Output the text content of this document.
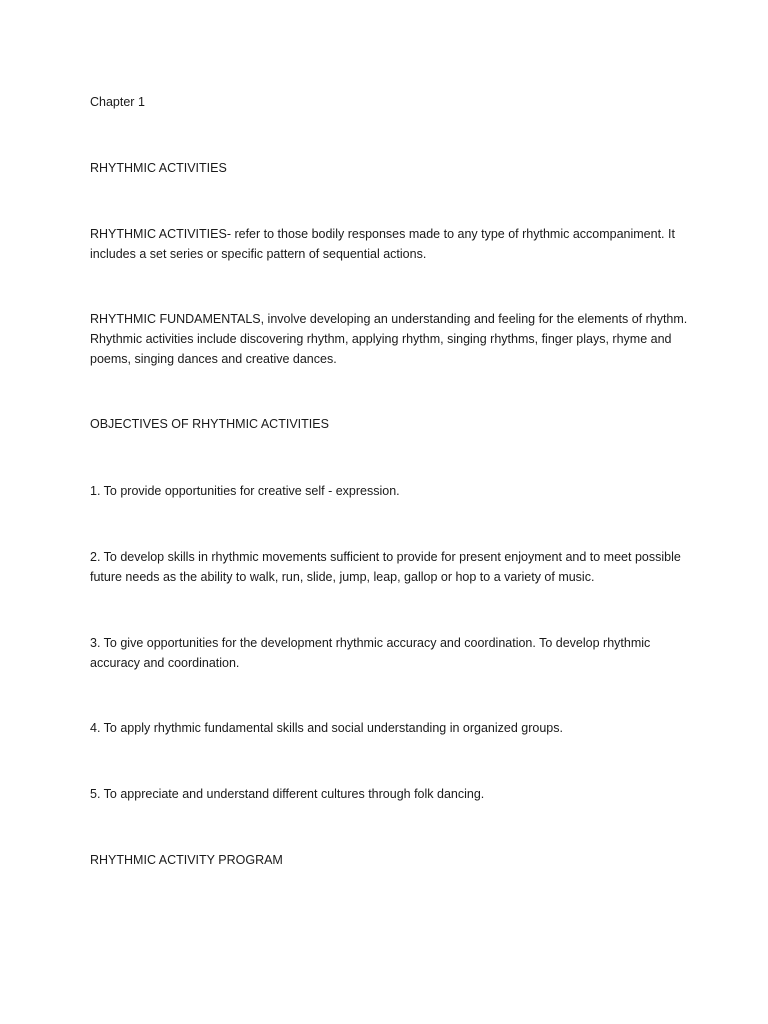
Chapter 1

RHYTHMIC ACTIVITIES

RHYTHMIC ACTIVITIES- refer to those bodily responses made to any type of rhythmic accompaniment. It includes a set series or specific pattern of sequential actions.

RHYTHMIC FUNDAMENTALS, involve developing an understanding and feeling for the elements of rhythm. Rhythmic activities include discovering rhythm, applying rhythm, singing rhythms, finger plays, rhyme and poems, singing dances and creative dances.

OBJECTIVES OF RHYTHMIC ACTIVITIES

1. To provide opportunities for creative self - expression.

2. To develop skills in rhythmic movements sufficient to provide for present enjoyment and to meet possible future needs as the ability to walk, run, slide, jump, leap, gallop or hop to a variety of music.

3. To give opportunities for the development rhythmic accuracy and coordination. To develop rhythmic accuracy and coordination.

4. To apply rhythmic fundamental skills and social understanding in organized groups.

5. To appreciate and understand different cultures through folk dancing.

RHYTHMIC ACTIVITY PROGRAM
